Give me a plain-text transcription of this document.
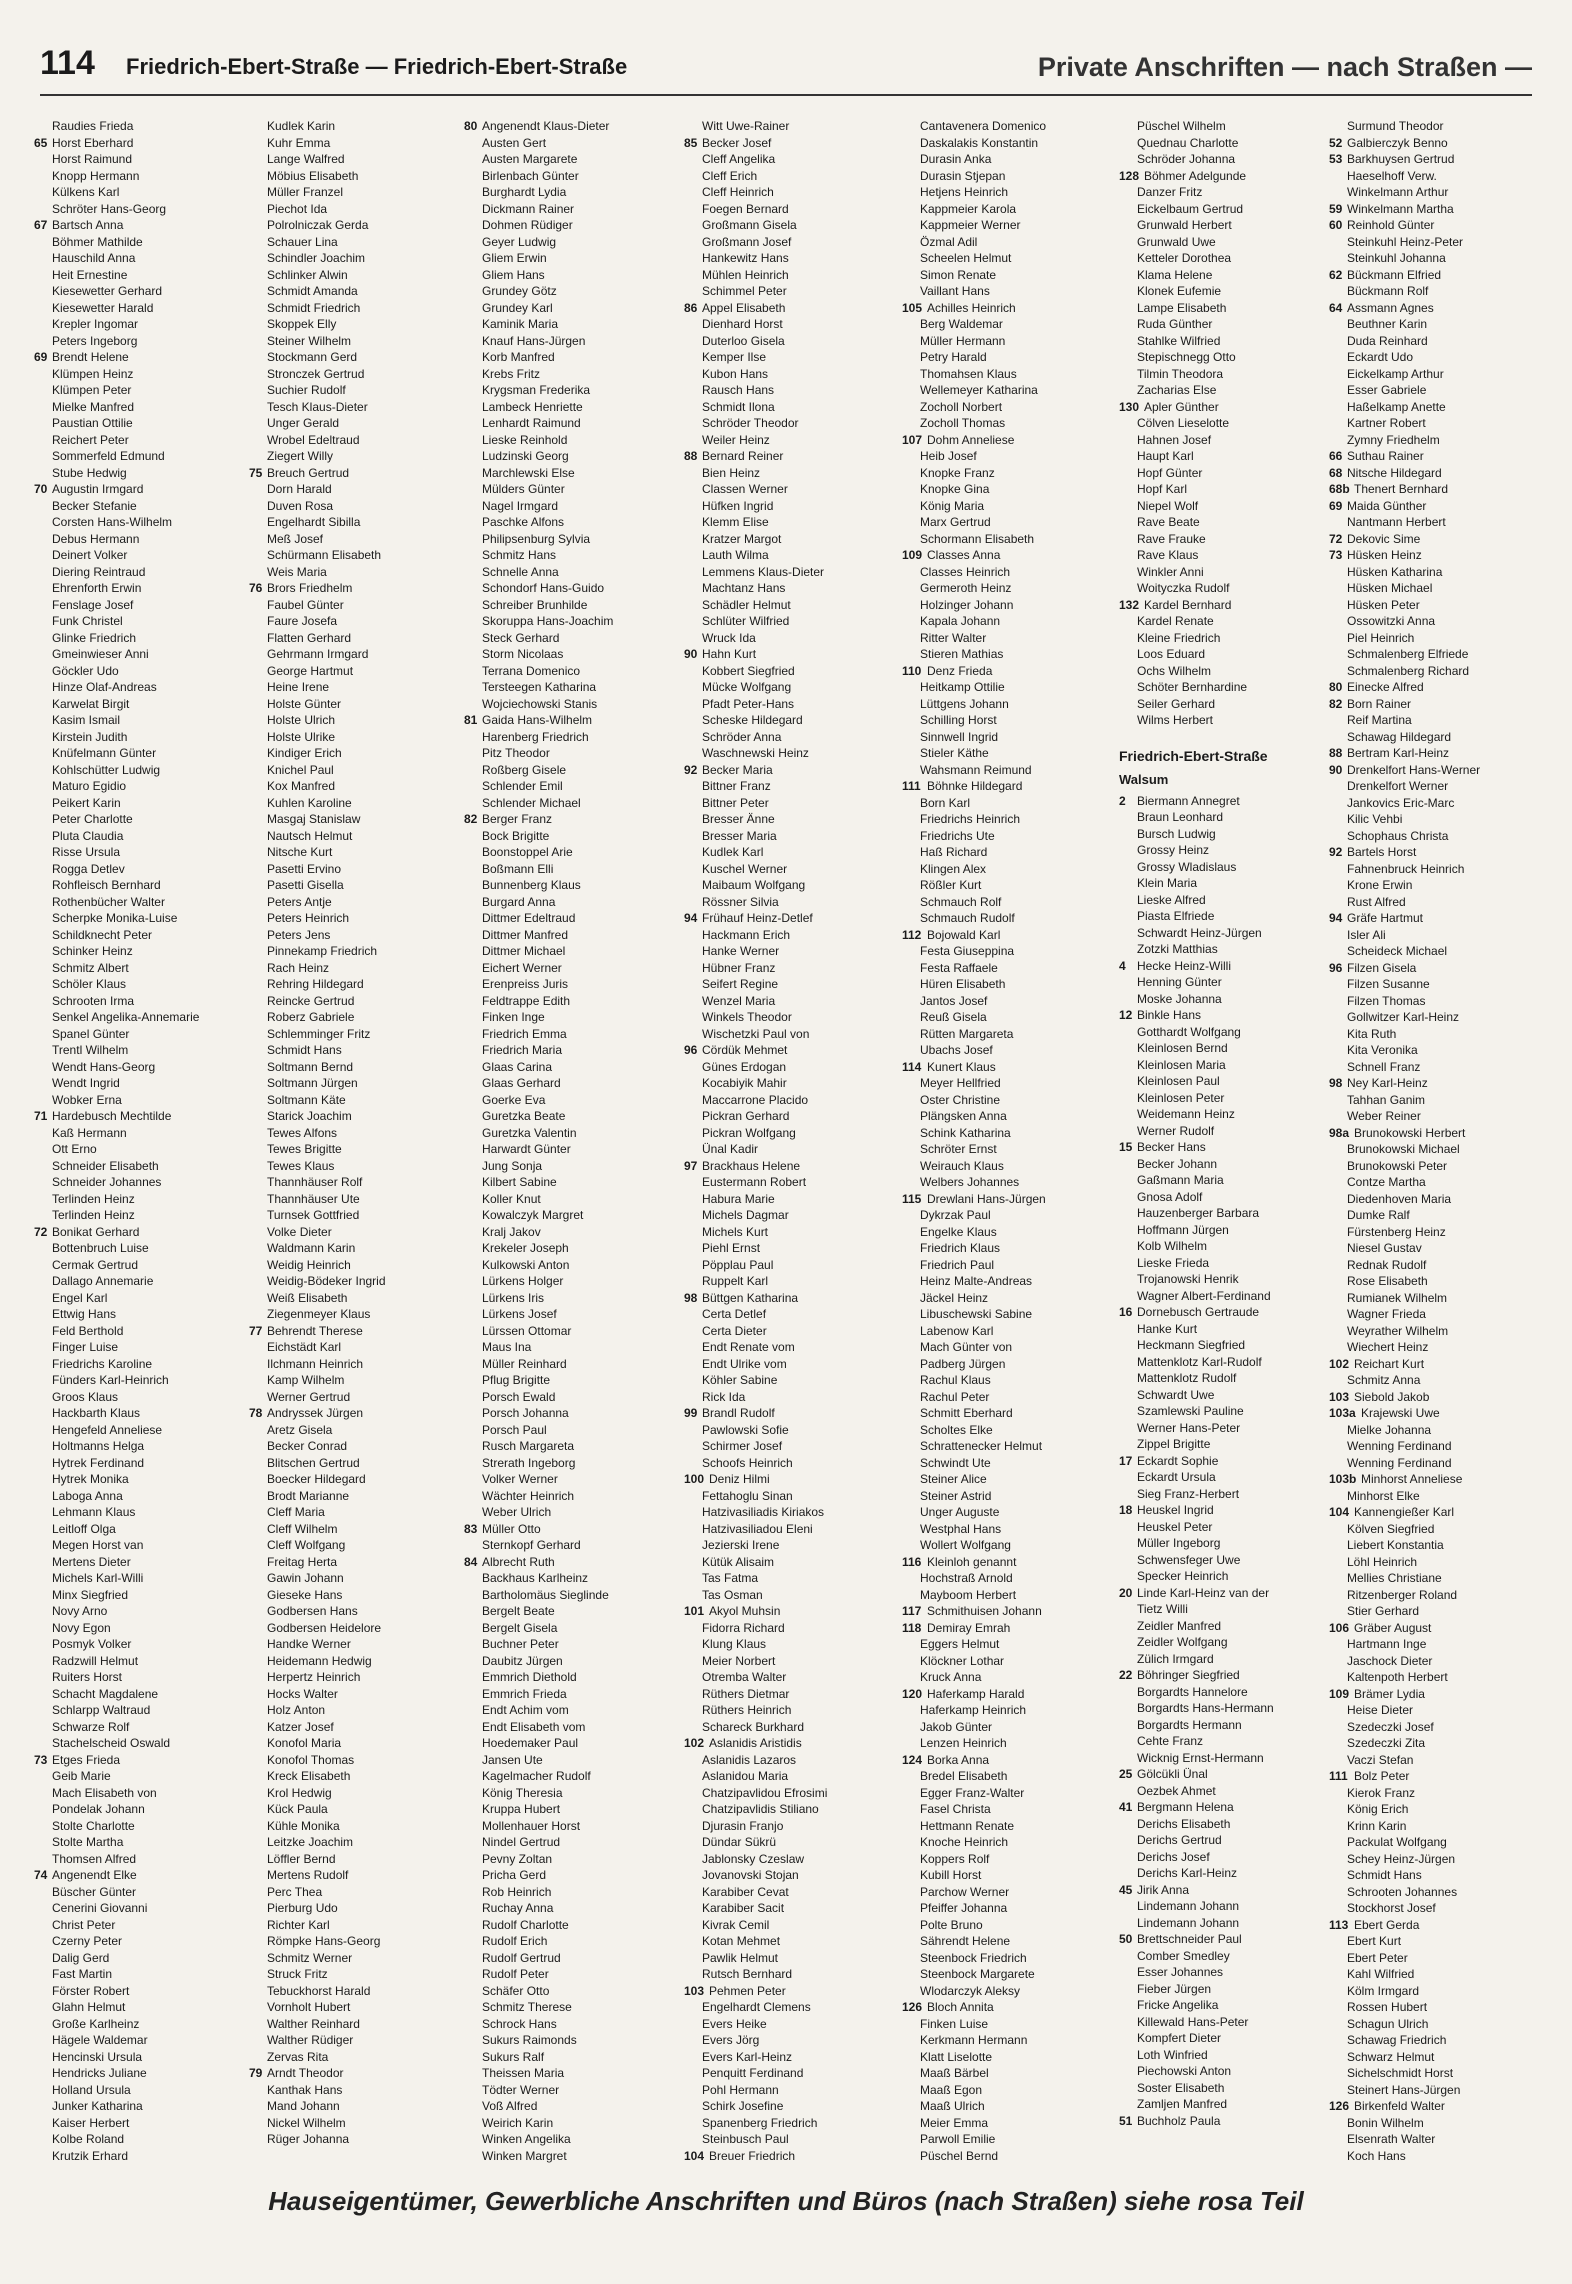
114 Friedrich-Ebert-Straße — Friedrich-Ebert-Straße	Private Anschriften — nach Straßen —
Raudies Frieda
65 Horst Eberhard
Horst Raimund
Knopp Hermann
Külkens Karl
Schröter Hans-Georg
67 Bartsch Anna
Böhmer Mathilde
Hauschild Anna
Heit Ernestine
Kiesewetter Gerhard
Kiesewetter Harald
Krepler Ingomar
Peters Ingeborg
69 Brendt Helene
Klümpen Heinz
Klümpen Peter
Mielke Manfred
Paustian Ottilie
Reichert Peter
Sommerfeld Edmund
Stube Hedwig
70 Augustin Irmgard
Becker Stefanie
Corsten Hans-Wilhelm
Debus Hermann
Deinert Volker
Diering Reintraud
Ehrenforth Erwin
Fenslage Josef
Funk Christel
Glinke Friedrich
Gmeinwieser Anni
Göckler Udo
Hinze Olaf-Andreas
Karwelat Birgit
Kasim Ismail
Kirstein Judith
Knüfelmann Günter
Kohlschütter Ludwig
Maturo Egidio
Peikert Karin
Peter Charlotte
Pluta Claudia
Risse Ursula
Rogga Detlev
Rohfleisch Bernhard
Rothenbücher Walter
Scherpke Monika-Luise
Schildknecht Peter
Schinker Heinz
Schmitz Albert
Schöler Klaus
Schrooten Irma
Senkel Angelika-Annemarie
Spanel Günter
Trentl Wilhelm
Wendt Hans-Georg
Wendt Ingrid
Wobker Erna
71 Hardebusch Mechtilde
Kaß Hermann
Ott Erno
Schneider Elisabeth
Schneider Johannes
Terlinden Heinz
Terlinden Heinz
72 Bonikat Gerhard
Bottenbruch Luise
Cermak Gertrud
Dallago Annemarie
Engel Karl
Ettwig Hans
Feld Berthold
Finger Luise
Friedrichs Karoline
Fünders Karl-Heinrich
Groos Klaus
Hackbarth Klaus
Hengefeld Anneliese
Holtmanns Helga
Hytrek Ferdinand
Hytrek Monika
Laboga Anna
Lehmann Klaus
Leitloff Olga
Megen Horst van
Mertens Dieter
Michels Karl-Willi
Minx Siegfried
Novy Arno
Novy Egon
Posmyk Volker
Radzwill Helmut
Ruiters Horst
Schacht Magdalene
Schlarpp Waltraud
Schwarze Rolf
Stachelscheid Oswald
73 Etges Frieda
Geib Marie
Mach Elisabeth von
Pondelak Johann
Stolte Charlotte
Stolte Martha
Thomsen Alfred
74 Angenendt Elke
Büscher Günter
Cenerini Giovanni
Christ Peter
Czerny Peter
Dalig Gerd
Fast Martin
Förster Robert
Glahn Helmut
Große Karlheinz
Hägele Waldemar
Hencinski Ursula
Hendricks Juliane
Holland Ursula
Junker Katharina
Kaiser Herbert
Kolbe Roland
Krutzik Erhard
Kudlek Karin
Kuhr Emma
Lange Walfred
Möbius Elisabeth
Müller Franzel
Piechot Ida
Polrolniczak Gerda
Schauer Lina
Schindler Joachim
Schlinker Alwin
Schmidt Amanda
Schmidt Friedrich
Skoppek Elly
Steiner Wilhelm
Stockmann Gerd
Stronczek Gertrud
Suchier Rudolf
Tesch Klaus-Dieter
Unger Gerald
Wrobel Edeltraud
Ziegert Willy
75 Breuch Gertrud
Dorn Harald
Duven Rosa
Engelhardt Sibilla
Meß Josef
Schürmann Elisabeth
Weis Maria
76 Brors Friedhelm
Faubel Günter
Faure Josefa
Flatten Gerhard
Gehrmann Irmgard
George Hartmut
Heine Irene
Holste Günter
Holste Ulrich
Holste Ulrike
Kindiger Erich
Knichel Paul
Kox Manfred
Kuhlen Karoline
Masgaj Stanislaw
Nautsch Helmut
Nitsche Kurt
Pasetti Ervino
Pasetti Gisella
Peters Antje
Peters Heinrich
Peters Jens
Pinnekamp Friedrich
Rach Heinz
Rehring Hildegard
Reincke Gertrud
Roberz Gabriele
Schlemminger Fritz
Schmidt Hans
Soltmann Bernd
Soltmann Jürgen
Soltmann Käte
Starick Joachim
Tewes Alfons
Tewes Brigitte
Tewes Klaus
Thannhäuser Rolf
Thannhäuser Ute
Turnsek Gottfried
Volke Dieter
Waldmann Karin
Weidig Heinrich
Weidig-Bödeker Ingrid
Weiß Elisabeth
Ziegenmeyer Klaus
77 Behrendt Therese
Eichstädt Karl
Ilchmann Heinrich
Kamp Wilhelm
Werner Gertrud
78 Andryssek Jürgen
Aretz Gisela
Becker Conrad
Blitschen Gertrud
Boecker Hildegard
Brodt Marianne
Cleff Maria
Cleff Wilhelm
Cleff Wolfgang
Freitag Herta
Gawin Johann
Gieseke Hans
Godbersen Hans
Godbersen Heidelore
Handke Werner
Heidemann Hedwig
Herpertz Heinrich
Hocks Walter
Holz Anton
Katzer Josef
Konofol Maria
Konofol Thomas
Kreck Elisabeth
Krol Hedwig
Kück Paula
Kühle Monika
Leitzke Joachim
Löffler Bernd
Mertens Rudolf
Perc Thea
Pierburg Udo
Richter Karl
Römpke Hans-Georg
Schmitz Werner
Struck Fritz
Tebuckhorst Harald
Vornholt Hubert
Walther Reinhard
Walther Rüdiger
Zervas Rita
79 Arndt Theodor
Kanthak Hans
Mand Johann
Nickel Wilhelm
Rüger Johanna
80 Angenendt Klaus-Dieter
Austen Gert
Austen Margarete
Birlenbach Günter
Burghardt Lydia
Dickmann Rainer
Dohmen Rüdiger
Geyer Ludwig
Gliem Erwin
Gliem Hans
Grundey Götz
Grundey Karl
Kaminik Maria
Knauf Hans-Jürgen
Korb Manfred
Krebs Fritz
Krygsman Frederika
Lambeck Henriette
Lenhardt Raimund
Lieske Reinhold
Ludzinski Georg
Marchlewski Else
Mülders Günter
Nagel Irmgard
Paschke Alfons
Philipsenburg Sylvia
Schmitz Hans
Schnelle Anna
Schondorf Hans-Guido
Schreiber Brunhilde
Skoruppa Hans-Joachim
Steck Gerhard
Storm Nicolaas
Terrana Domenico
Tersteegen Katharina
Wojciechowski Stanis
81 Gaida Hans-Wilhelm
Harenberg Friedrich
Pitz Theodor
Roßberg Gisele
Schlender Emil
Schlender Michael
82 Berger Franz
Bock Brigitte
Boonstoppel Arie
Boßmann Elli
Bunnenberg Klaus
Burgard Anna
Dittmer Edeltraud
Dittmer Manfred
Dittmer Michael
Eichert Werner
Erenpreiss Juris
Feldtrappe Edith
Finken Inge
Friedrich Emma
Friedrich Maria
Glaas Carina
Glaas Gerhard
Goerke Eva
Guretzka Beate
Guretzka Valentin
Harwardt Günter
Jung Sonja
Kilbert Sabine
Koller Knut
Kowalczyk Margret
Kralj Jakov
Krekeler Joseph
Kulkowski Anton
Lürkens Holger
Lürkens Iris
Lürkens Josef
Lürssen Ottomar
Maus Ina
Müller Reinhard
Pflug Brigitte
Porsch Ewald
Porsch Johanna
Porsch Paul
Rusch Margareta
Strerath Ingeborg
Volker Werner
Wächter Heinrich
Weber Ulrich
83 Müller Otto
Sternkopf Gerhard
84 Albrecht Ruth
Backhaus Karlheinz
Bartholomäus Sieglinde
Bergelt Beate
Bergelt Gisela
Buchner Peter
Daubitz Jürgen
Emmrich Diethold
Emmrich Frieda
Endt Achim vom
Endt Elisabeth vom
Hoedemaker Paul
Jansen Ute
Kagelmacher Rudolf
König Theresia
Kruppa Hubert
Mollenhauer Horst
Nindel Gertrud
Pevny Zoltan
Pricha Gerd
Rob Heinrich
Ruchay Anna
Rudolf Charlotte
Rudolf Erich
Rudolf Gertrud
Rudolf Peter
Schäfer Otto
Schmitz Therese
Schrock Hans
Sukurs Raimonds
Sukurs Ralf
Theissen Maria
Tödter Werner
Voß Alfred
Weirich Karin
Winken Angelika
Winken Margret
Witt Uwe-Rainer
85 Becker Josef
Cleff Angelika
Cleff Erich
Cleff Heinrich
Foegen Bernard
Großmann Gisela
Großmann Josef
Hankewitz Hans
Mühlen Heinrich
Schimmel Peter
86 Appel Elisabeth
Dienhard Horst
Duterloo Gisela
Kemper Ilse
Kubon Hans
Rausch Hans
Schmidt Ilona
Schröder Theodor
Weiler Heinz
88 Bernard Reiner
Bien Heinz
Classen Werner
Hüfken Ingrid
Klemm Elise
Kratzer Margot
Lauth Wilma
Lemmens Klaus-Dieter
Machtanz Hans
Schädler Helmut
Schlüter Wilfried
Wruck Ida
90 Hahn Kurt
Kobbert Siegfried
Mücke Wolfgang
Pfadt Peter-Hans
Scheske Hildegard
Schröder Anna
Waschnewski Heinz
92 Becker Maria
Bittner Franz
Bittner Peter
Bresser Änne
Bresser Maria
Kudlek Karl
Kuschel Werner
Maibaum Wolfgang
Rössner Silvia
94 Frühauf Heinz-Detlef
Hackmann Erich
Hanke Werner
Hübner Franz
Seifert Regine
Wenzel Maria
Winkels Theodor
Wischetzki Paul von
96 Cördük Mehmet
Günes Erdogan
Kocabiyik Mahir
Maccarrone Placido
Pickran Gerhard
Pickran Wolfgang
Ünal Kadir
97 Brackhaus Helene
Eustermann Robert
Habura Marie
Michels Dagmar
Michels Kurt
Piehl Ernst
Pöpplau Paul
Ruppelt Karl
98 Büttgen Katharina
Certa Detlef
Certa Dieter
Endt Renate vom
Endt Ulrike vom
Köhler Sabine
Rick Ida
99 Brandl Rudolf
Pawlowski Sofie
Schirmer Josef
Schoofs Heinrich
100 Deniz Hilmi
Fettahoglu Sinan
Hatzivasiliadis Kiriakos
Hatzivasiliadou Eleni
Jezierski Irene
Kütük Alisaim
Tas Fatma
Tas Osman
101 Akyol Muhsin
Fidorra Richard
Klung Klaus
Meier Norbert
Otremba Walter
Rüthers Dietmar
Rüthers Heinrich
Schareck Burkhard
102 Aslanidis Aristidis
Aslanidis Lazaros
Aslanidou Maria
Chatzipavlidou Efrosimi
Chatzipavlidis Stiliano
Djurasin Franjo
Dündar Sükrü
Jablonsky Czeslaw
Jovanovski Stojan
Karabiber Cevat
Karabiber Sacit
Kivrak Cemil
Kotan Mehmet
Pawlik Helmut
Rutsch Bernhard
103 Pehmen Peter
Engelhardt Clemens
Evers Heike
Evers Jörg
Evers Karl-Heinz
Penquitt Ferdinand
Pohl Hermann
Schirk Josefine
Spanenberg Friedrich
Steinbusch Paul
104 Breuer Friedrich
Cantavenera Domenico
Daskalakis Konstantin
Durasin Anka
Durasin Stjepan
Hetjens Heinrich
Kappmeier Karola
Kappmeier Werner
Özmal Adil
Scheelen Helmut
Simon Renate
Vaillant Hans
105 Achilles Heinrich
Berg Waldemar
Müller Hermann
Petry Harald
Thomahsen Klaus
Wellemeyer Katharina
Zocholl Norbert
Zocholl Thomas
107 Dohm Anneliese
Heib Josef
Knopke Franz
Knopke Gina
König Maria
Marx Gertrud
Schormann Elisabeth
109 Classes Anna
Classes Heinrich
Germeroth Heinz
Holzinger Johann
Kapala Johann
Ritter Walter
Stieren Mathias
110 Denz Frieda
Heitkamp Ottilie
Lüttgens Johann
Schilling Horst
Sinnwell Ingrid
Stieler Käthe
Wahsmann Reimund
111 Böhnke Hildegard
Born Karl
Friedrichs Heinrich
Friedrichs Ute
Haß Richard
Klingen Alex
Rößler Kurt
Schmauch Rolf
Schmauch Rudolf
112 Bojowald Karl
Festa Giuseppina
Festa Raffaele
Hüren Elisabeth
Jantos Josef
Reuß Gisela
Rütten Margareta
Ubachs Josef
114 Kunert Klaus
Meyer Hellfried
Oster Christine
Plängsken Anna
Schink Katharina
Schröter Ernst
Weirauch Klaus
Welbers Johannes
115 Drewlani Hans-Jürgen
Dykrzak Paul
Engelke Klaus
Friedrich Klaus
Friedrich Paul
Heinz Malte-Andreas
Jäckel Heinz
Libuschewski Sabine
Labenow Karl
Mach Günter von
Padberg Jürgen
Rachul Klaus
Rachul Peter
Schmitt Eberhard
Scholtes Elke
Schrattenecker Helmut
Schwindt Ute
Steiner Alice
Steiner Astrid
Unger Auguste
Westphal Hans
Wollert Wolfgang
116 Kleinloh genannt
Hochstraß Arnold
Mayboom Herbert
117 Schmithuisen Johann
118 Demiray Emrah
Eggers Helmut
Klöckner Lothar
Kruck Anna
120 Haferkamp Harald
Haferkamp Heinrich
Jakob Günter
Lenzen Heinrich
124 Borka Anna
Bredel Elisabeth
Egger Franz-Walter
Fasel Christa
Hettmann Renate
Knoche Heinrich
Koppers Rolf
Kubill Horst
Parchow Werner
Pfeiffer Johanna
Polte Bruno
Sährendt Helene
Steenbock Friedrich
Steenbock Margarete
Wlodarczyk Aleksy
126 Bloch Annita
Finken Luise
Kerkmann Hermann
Klatt Liselotte
Maaß Bärbel
Maaß Egon
Maaß Ulrich
Meier Emma
Parwoll Emilie
Püschel Bernd
Püschel Wilhelm
Quednau Charlotte
Schröder Johanna
128 Böhmer Adelgunde
Danzer Fritz
Eickelbaum Gertrud
Grunwald Herbert
Grunwald Uwe
Ketteler Dorothea
Klama Helene
Klonek Eufemie
Lampe Elisabeth
Ruda Günther
Stahlke Wilfried
Stepischnegg Otto
Tilmin Theodora
Zacharias Else
130 Apler Günther
Cölven Lieselotte
Hahnen Josef
Haupt Karl
Hopf Günter
Hopf Karl
Niepel Wolf
Rave Beate
Rave Frauke
Rave Klaus
Winkler Anni
Woityczka Rudolf
132 Kardel Bernhard
Kardel Renate
Kleine Friedrich
Loos Eduard
Ochs Wilhelm
Schöter Bernhardine
Seiler Gerhard
Wilms Herbert
Friedrich-Ebert-Straße
Walsum
2 Biermann Annegret
Braun Leonhard
Bursch Ludwig
Grossy Heinz
Grossy Wladislaus
Klein Maria
Lieske Alfred
Piasta Elfriede
Schwardt Heinz-Jürgen
Zotzki Matthias
4 Hecke Heinz-Willi
Henning Günter
Moske Johanna
12 Binkle Hans
Gotthardt Wolfgang
Kleinlosen Bernd
Kleinlosen Maria
Kleinlosen Paul
Kleinlosen Peter
Weidemann Heinz
Werner Rudolf
15 Becker Hans
Becker Johann
Gaßmann Maria
Gnosa Adolf
Hauzenberger Barbara
Hoffmann Jürgen
Kolb Wilhelm
Lieske Frieda
Trojanowski Henrik
Wagner Albert-Ferdinand
16 Dornebusch Gertraude
Hanke Kurt
Heckmann Siegfried
Mattenklotz Karl-Rudolf
Mattenklotz Rudolf
Schwardt Uwe
Szamlewski Pauline
Werner Hans-Peter
Zippel Brigitte
17 Eckardt Sophie
Eckardt Ursula
Sieg Franz-Herbert
18 Heuskel Ingrid
Heuskel Peter
Müller Ingeborg
Schwensfeger Uwe
Specker Heinrich
20 Linde Karl-Heinz van der
Tietz Willi
Zeidler Manfred
Zeidler Wolfgang
Zülich Irmgard
22 Böhringer Siegfried
Borgardts Hannelore
Borgardts Hans-Hermann
Borgardts Hermann
Cehte Franz
Wicknig Ernst-Hermann
25 Gölcükli Ünal
Oezbek Ahmet
41 Bergmann Helena
Derichs Elisabeth
Derichs Gertrud
Derichs Josef
Derichs Karl-Heinz
45 Jirik Anna
Lindemann Johann
Lindemann Johann
50 Brettschneider Paul
Comber Smedley
Esser Johannes
Fieber Jürgen
Fricke Angelika
Killewald Hans-Peter
Kompfert Dieter
Loth Winfried
Piechowski Anton
Soster Elisabeth
Zamljen Manfred
51 Buchholz Paula
Surmund Theodor
52 Galbierczyk Benno
53 Barkhuysen Gertrud
Haeselhoff Verw.
Winkelmann Arthur
59 Winkelmann Martha
60 Reinhold Günter
Steinkuhl Heinz-Peter
Steinkuhl Johanna
62 Bückmann Elfried
Bückmann Rolf
64 Assmann Agnes
Beuthner Karin
Duda Reinhard
Eckardt Udo
Eickelkamp Arthur
Esser Gabriele
Haßelkamp Anette
Kartner Robert
Zymny Friedhelm
66 Suthau Rainer
68 Nitsche Hildegard
68b Thenert Bernhard
69 Maida Günther
Nantmann Herbert
72 Dekovic Sime
73 Hüsken Heinz
Hüsken Katharina
Hüsken Michael
Hüsken Peter
Ossowitzki Anna
Piel Heinrich
Schmalenberg Elfriede
Schmalenberg Richard
80 Einecke Alfred
82 Born Rainer
Reif Martina
Schawag Hildegard
88 Bertram Karl-Heinz
90 Drenkelfort Hans-Werner
Drenkelfort Werner
Jankovics Eric-Marc
Kilic Vehbi
Schophaus Christa
92 Bartels Horst
Fahnenbruck Heinrich
Krone Erwin
Rust Alfred
94 Gräfe Hartmut
Isler Ali
Scheideck Michael
96 Filzen Gisela
Filzen Susanne
Filzen Thomas
Gollwitzer Karl-Heinz
Kita Ruth
Kita Veronika
Schnell Franz
98 Ney Karl-Heinz
Tahhan Ganim
Weber Reiner
98a Brunokowski Herbert
Brunokowski Michael
Brunokowski Peter
Contze Martha
Diedenhoven Maria
Dumke Ralf
Fürstenberg Heinz
Niesel Gustav
Rednak Rudolf
Rose Elisabeth
Rumianek Wilhelm
Wagner Frieda
Weyrather Wilhelm
Wiechert Heinz
102 Reichart Kurt
Schmitz Anna
103 Siebold Jakob
103a Krajewski Uwe
Mielke Johanna
Wenning Ferdinand
Wenning Ferdinand
103b Minhorst Anneliese
Minhorst Elke
104 Kannengießer Karl
Kölven Siegfried
Liebert Konstantia
Löhl Heinrich
Mellies Christiane
Ritzenberger Roland
Stier Gerhard
106 Gräber August
Hartmann Inge
Jaschock Dieter
Kaltenpoth Herbert
109 Brämer Lydia
Heise Dieter
Szedeczki Josef
Szedeczki Zita
Vaczi Stefan
111 Bolz Peter
Kierok Franz
König Erich
Krinn Karin
Packulat Wolfgang
Schey Heinz-Jürgen
Schmidt Hans
Schrooten Johannes
Stockhorst Josef
113 Ebert Gerda
Ebert Kurt
Ebert Peter
Kahl Wilfried
Kölm Irmgard
Rossen Hubert
Schagun Ulrich
Schawag Friedrich
Schwarz Helmut
Sichelschmidt Horst
Steinert Hans-Jürgen
126 Birkenfeld Walter
Bonin Wilhelm
Elsenrath Walter
Koch Hans
Hauseigentümer, Gewerbliche Anschriften und Büros (nach Straßen) siehe rosa Teil
